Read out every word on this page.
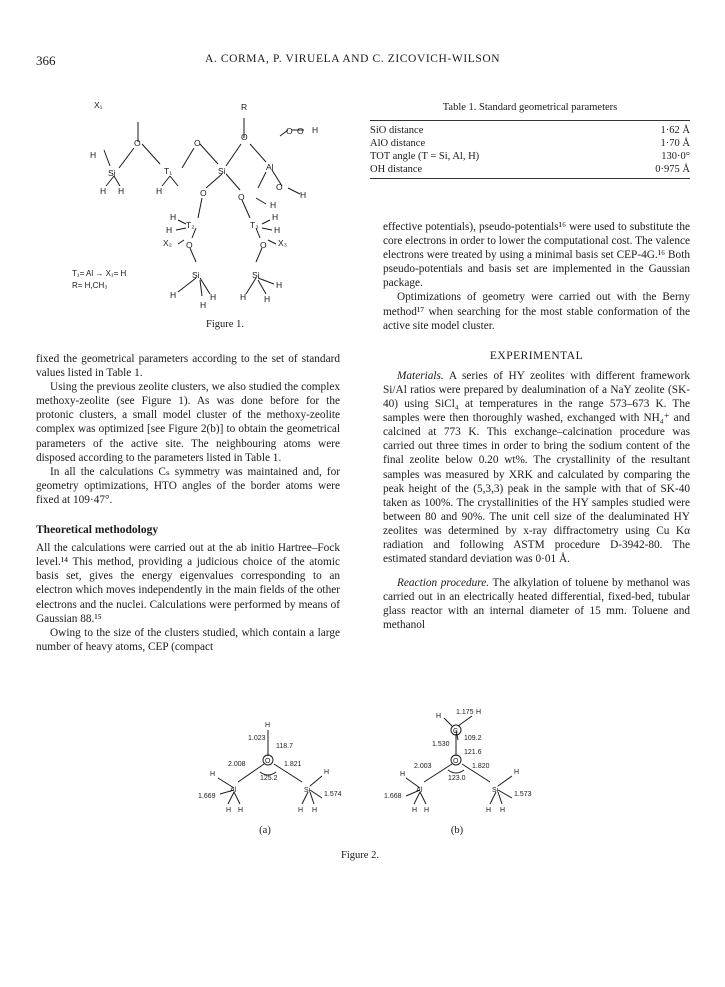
366	A. CORMA, P. VIRUELA AND C. ZICOVICH-WILSON
X₁	R
O	O
O
O O H
Si	T₁	Si	Al
H
H H	H	O	O
O
H
H
T₂	T₃
H
H
H
H
X₂	X₃
O	O
Si	Si
H	H
H
H
H
H
T₁= Al → X₁= H
R= H,CH₃
Figure 1.
Table 1. Standard geometrical parameters
SiO distance	1·62 Å
AlO distance	1·70 Å
TOT angle (T = Si, Al, H)	130·0°
OH distance	0·975 Å

fixed the geometrical parameters according to the set of standard values listed in Table 1.

Using the previous zeolite clusters, we also studied the complex methoxy-zeolite (see Figure 1). As was done before for the protonic clusters, a small model cluster of the methoxy-zeolite complex was optimized [see Figure 2(b)] to obtain the geometrical parameters of the active site. The neighbouring atoms were disposed according to the parameters listed in Table 1.

In all the calculations Cₛ symmetry was maintained and, for geometry optimizations, HTO angles of the border atoms were fixed at 109·47°.

Theoretical methodology

All the calculations were carried out at the ab initio Hartree–Fock level.¹⁴ This method, providing a judicious choice of the atomic basis set, gives the energy eigenvalues corresponding to an electron which moves independently in the main fields of the other electrons and the nuclei. Calculations were performed by means of Gaussian 88.¹⁵

Owing to the size of the clusters studied, which contain a large number of heavy atoms, CEP (compact

effective potentials), pseudo-potentials¹⁶ were used to substitute the core electrons in order to lower the computational cost. The valence electrons were treated by using a minimal basis set CEP-4G.¹⁶ Both pseudo-potentials and basis set are implemented in the Gaussian package.

Optimizations of geometry were carried out with the Berny method¹⁷ when searching for the most stable conformation of the active site model cluster.

EXPERIMENTAL

Materials. A series of HY zeolites with different framework Si/Al ratios were prepared by dealumination of a NaY zeolite (SK-40) using SiCl₄ at temperatures in the range 573–673 K. The samples were then thoroughly washed, exchanged with NH₄⁺ and calcined at 773 K. This exchange–calcination procedure was carried out three times in order to bring the sodium content of the final zeolite below 0.20 wt%. The crystallinity of the resultant samples was measured by XRK and calculated by comparing the peak height of the (5,3,3) peak in the sample with that of SK-40 taken as 100%. The crystallinities of the HY samples studied were between 80 and 90%. The unit cell size of the dealuminated HY zeolites was determined by x-ray diffractometry using Cu Kα radiation and following ASTM procedure D-3942-80. The estimated standard deviation was 0·01 Å.

Reaction procedure. The alkylation of toluene by methanol was carried out in an electrically heated differential, fixed-bed, tubular glass reactor with an internal diameter of 15 mm. Toluene and methanol

H
1.023
118.7
H
2.008	1.821
H
1.669
Al
O
125.2
Si
1.574
H H	H H
H
1.175 H
C
109.2
1.530
121.6
H
2.003
O
1.820
H
1.668
Al
123.0
Si
1.573
H H	H H
(a)	(b)
Figure 2.
